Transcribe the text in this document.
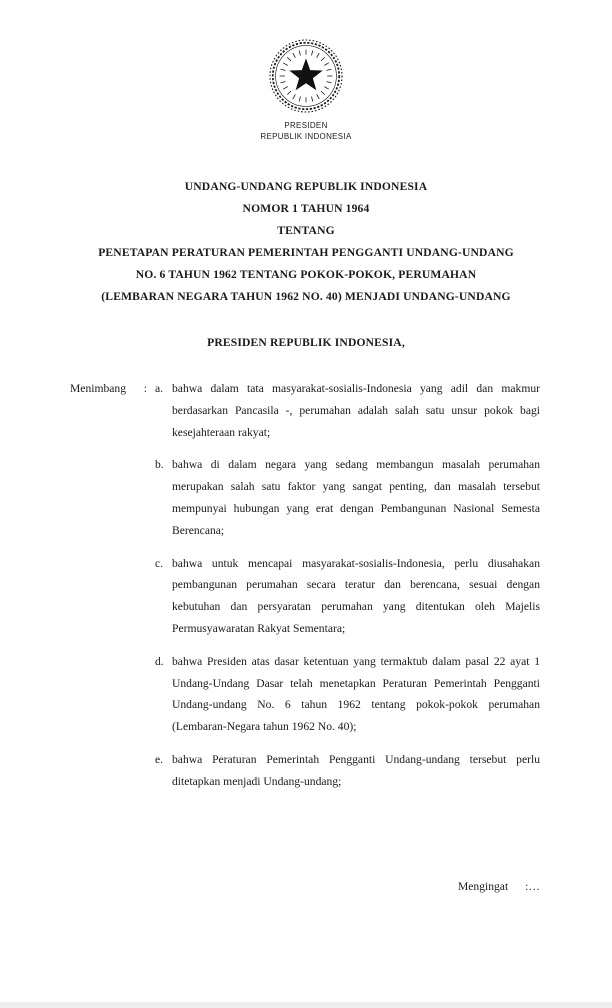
PRESIDEN
REPUBLIK INDONESIA
UNDANG-UNDANG REPUBLIK INDONESIA
NOMOR 1 TAHUN 1964
TENTANG
PENETAPAN PERATURAN PEMERINTAH PENGGANTI UNDANG-UNDANG
NO. 6 TAHUN 1962 TENTANG POKOK-POKOK, PERUMAHAN
(LEMBARAN NEGARA TAHUN 1962 NO. 40) MENJADI UNDANG-UNDANG
PRESIDEN REPUBLIK INDONESIA,
Menimbang : a. bahwa dalam tata masyarakat-sosialis-Indonesia yang adil dan makmur berdasarkan Pancasila -, perumahan adalah salah satu unsur pokok bagi kesejahteraan rakyat;
b. bahwa di dalam negara yang sedang membangun masalah perumahan merupakan salah satu faktor yang sangat penting, dan masalah tersebut mempunyai hubungan yang erat dengan Pembangunan Nasional Semesta Berencana;
c. bahwa untuk mencapai masyarakat-sosialis-Indonesia, perlu diusahakan pembangunan perumahan secara teratur dan berencana, sesuai dengan kebutuhan dan persyaratan perumahan yang ditentukan oleh Majelis Permusyawaratan Rakyat Sementara;
d. bahwa Presiden atas dasar ketentuan yang termaktub dalam pasal 22 ayat 1 Undang-Undang Dasar telah menetapkan Peraturan Pemerintah Pengganti Undang-undang No. 6 tahun 1962 tentang pokok-pokok perumahan (Lembaran-Negara tahun 1962 No. 40);
e. bahwa Peraturan Pemerintah Pengganti Undang-undang tersebut perlu ditetapkan menjadi Undang-undang;
Mengingat :…
